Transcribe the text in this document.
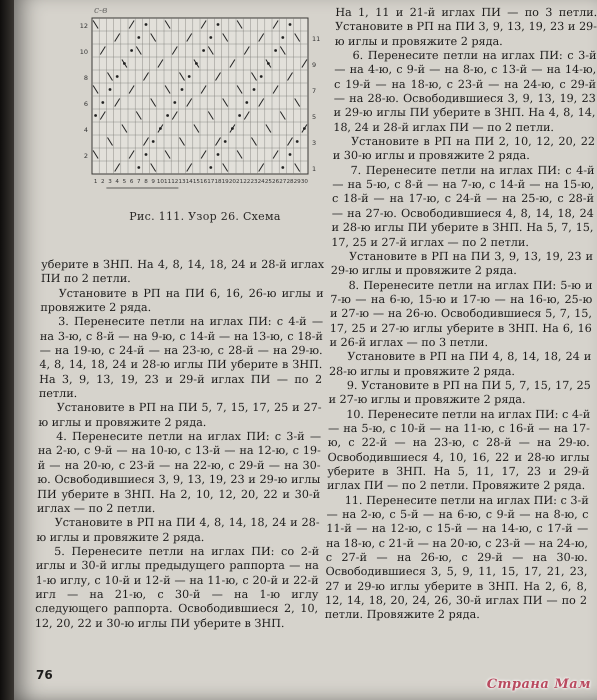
с-в
12
10
8
6
4
2
11
9
7
5
3
1
1 2 3 4 5 6 7 8 9 10 11 12 13 14 15 16 17 18 19 20 21 22 23 24 25 26 27 28 29 30
Рис. 111. Узор 26. Схема

уберите в ЗНП. На 4, 8, 14, 18, 24 и 28-й иглах ПИ по 2 петли.

Установите в РП на ПИ 6, 16, 26-ю иглы и провяжите 2 ряда.

3. Перенесите петли на иглах ПИ: с 4-й — на 3-ю, с 8-й — на 9-ю, с 14-й — на 13-ю, с 18-й — на 19-ю, с 24-й — на 23-ю, с 28-й — на 29-ю. 4, 8, 14, 18, 24 и 28-ю иглы ПИ уберите в ЗНП. На 3, 9, 13, 19, 23 и 29-й иглах ПИ — по 2 петли.

Установите в РП на ПИ 5, 7, 15, 17, 25 и 27-ю иглы и провяжите 2 ряда.

4. Перенесите петли на иглах ПИ: с 3-й — на 2-ю, с 9-й — на 10-ю, с 13-й — на 12-ю, с 19-й — на 20-ю, с 23-й — на 22-ю, с 29-й — на 30-ю. Освободившиеся 3, 9, 13, 19, 23 и 29-ю иглы ПИ уберите в ЗНП. На 2, 10, 12, 20, 22 и 30-й иглах — по 2 петли.

Установите в РП на ПИ 4, 8, 14, 18, 24 и 28-ю иглы и провяжите 2 ряда.

5. Перенесите петли на иглах ПИ: со 2-й иглы и 30-й иглы предыдущего раппорта — на 1-ю иглу, с 10-й и 12-й — на 11-ю, с 20-й и 22-й игл — на 21-ю, с 30-й — на 1-ю иглу следующего раппорта. Освободившиеся 2, 10, 12, 20, 22 и 30-ю иглы ПИ уберите в ЗНП.

На 1, 11 и 21-й иглах ПИ — по 3 петли. Установите в РП на ПИ 3, 9, 13, 19, 23 и 29-ю иглы и провяжите 2 ряда.

6. Перенесите петли на иглах ПИ: с 3-й — на 4-ю, с 9-й — на 8-ю, с 13-й — на 14-ю, с 19-й — на 18-ю, с 23-й — на 24-ю, с 29-й — на 28-ю. Освободившиеся 3, 9, 13, 19, 23 и 29-ю иглы ПИ уберите в ЗНП. На 4, 8, 14, 18, 24 и 28-й иглах ПИ — по 2 петли.

Установите в РП на ПИ 2, 10, 12, 20, 22 и 30-ю иглы и провяжите 2 ряда.

7. Перенесите петли на иглах ПИ: с 4-й — на 5-ю, с 8-й — на 7-ю, с 14-й — на 15-ю, с 18-й — на 17-ю, с 24-й — на 25-ю, с 28-й — на 27-ю. Освободившиеся 4, 8, 14, 18, 24 и 28-ю иглы ПИ уберите в ЗНП. На 5, 7, 15, 17, 25 и 27-й иглах — по 2 петли.

Установите в РП на ПИ 3, 9, 13, 19, 23 и 29-ю иглы и провяжите 2 ряда.

8. Перенесите петли на иглах ПИ: 5-ю и 7-ю — на 6-ю, 15-ю и 17-ю — на 16-ю, 25-ю и 27-ю — на 26-ю. Освободившиеся 5, 7, 15, 17, 25 и 27-ю иглы уберите в ЗНП. На 6, 16 и 26-й иглах — по 3 петли.

Установите в РП на ПИ 4, 8, 14, 18, 24 и 28-ю иглы и провяжите 2 ряда.

9. Установите в РП на ПИ 5, 7, 15, 17, 25 и 27-ю иглы и провяжите 2 ряда.

10. Перенесите петли на иглах ПИ: с 4-й — на 5-ю, с 10-й — на 11-ю, с 16-й — на 17-ю, с 22-й — на 23-ю, с 28-й — на 29-ю. Освободившиеся 4, 10, 16, 22 и 28-ю иглы уберите в ЗНП. На 5, 11, 17, 23 и 29-й иглах ПИ — по 2 петли. Провяжите 2 ряда.

11. Перенесите петли на иглах ПИ: с 3-й — на 2-ю, с 5-й — на 6-ю, с 9-й — на 8-ю, с 11-й — на 12-ю, с 15-й — на 14-ю, с 17-й — на 18-ю, с 21-й — на 20-ю, с 23-й — на 24-ю, с 27-й — на 26-ю, с 29-й — на 30-ю. Освободившиеся 3, 5, 9, 11, 15, 17, 21, 23, 27 и 29-ю иглы уберите в ЗНП. На 2, 6, 8, 12, 14, 18, 20, 24, 26, 30-й иглах ПИ — по 2 петли. Провяжите 2 ряда.

76
Страна Мам
